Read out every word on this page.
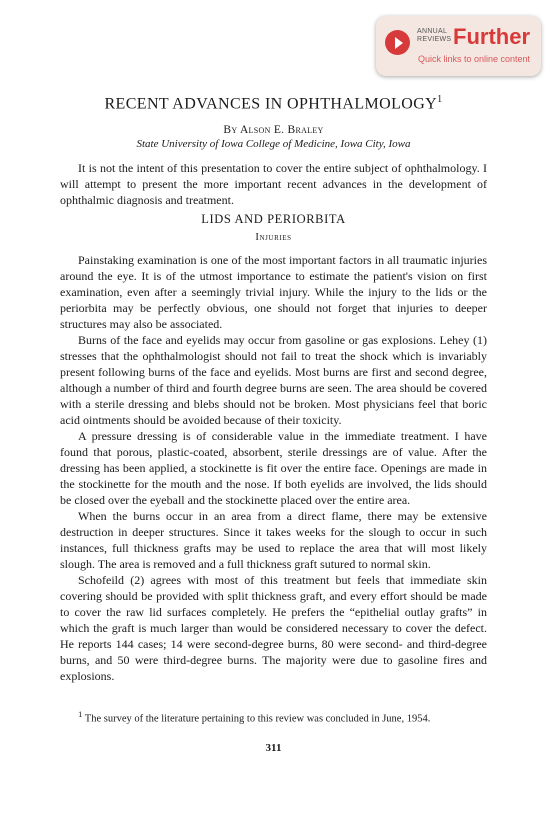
ANNUAL
REVIEWS Further
Quick links to online content
RECENT ADVANCES IN OPHTHALMOLOGY$^1$
By Alson E. Braley
State University of Iowa College of Medicine, Iowa City, Iowa

It is not the intent of this presentation to cover the entire subject of ophthalmology. I will attempt to present the more important recent advances in the development of ophthalmic diagnosis and treatment.

LIDS AND PERIORBITA
Injuries

Painstaking examination is one of the most important factors in all traumatic injuries around the eye. It is of the utmost importance to estimate the patient's vision on first examination, even after a seemingly trivial injury. While the injury to the lids or the periorbita may be perfectly obvious, one should not forget that injuries to deeper structures may also be associated.

Burns of the face and eyelids may occur from gasoline or gas explosions. Lehey (1) stresses that the ophthalmologist should not fail to treat the shock which is invariably present following burns of the face and eyelids. Most burns are first and second degree, although a number of third and fourth degree burns are seen. The area should be covered with a sterile dressing and blebs should not be broken. Most physicians feel that boric acid ointments should be avoided because of their toxicity.

A pressure dressing is of considerable value in the immediate treatment. I have found that porous, plastic-coated, absorbent, sterile dressings are of value. After the dressing has been applied, a stockinette is fit over the entire face. Openings are made in the stockinette for the mouth and the nose. If both eyelids are involved, the lids should be closed over the eyeball and the stockinette placed over the entire area.

When the burns occur in an area from a direct flame, there may be extensive destruction in deeper structures. Since it takes weeks for the slough to occur in such instances, full thickness grafts may be used to replace the area that will most likely slough. The area is removed and a full thickness graft sutured to normal skin.

Schofeild (2) agrees with most of this treatment but feels that immediate skin covering should be provided with split thickness graft, and every effort should be made to cover the raw lid surfaces completely. He prefers the “epithelial outlay grafts” in which the graft is much larger than would be considered necessary to cover the defect. He reports 144 cases; 14 were second-degree burns, 80 were second- and third-degree burns, and 50 were third-degree burns. The majority were due to gasoline fires and explosions.

$^1$ The survey of the literature pertaining to this review was concluded in June, 1954.

311
